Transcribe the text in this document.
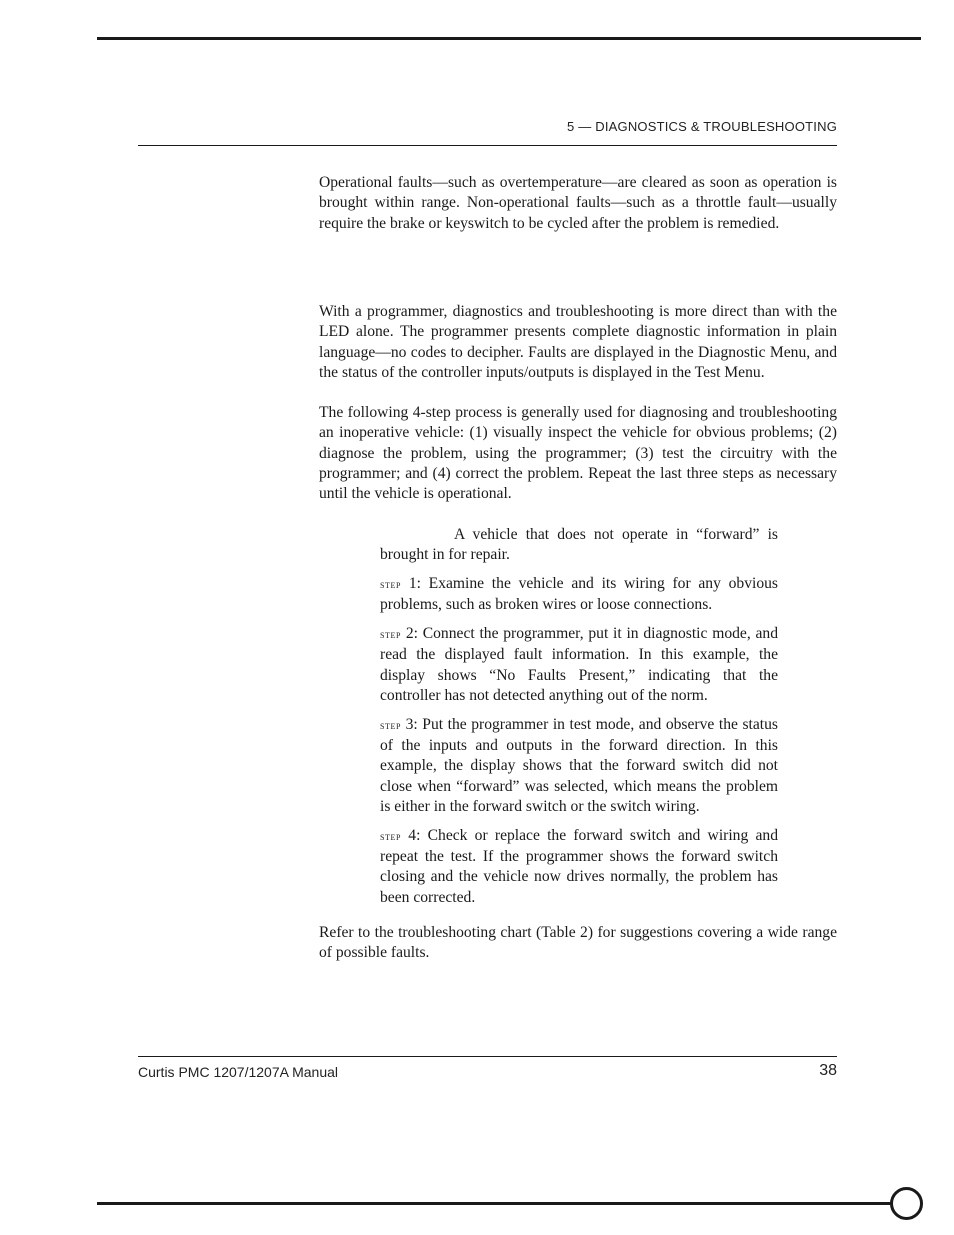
5 — DIAGNOSTICS & TROUBLESHOOTING

Operational faults—such as overtemperature—are cleared as soon as operation is brought within range. Non-operational faults—such as a throttle fault—usually require the brake or keyswitch to be cycled after the problem is remedied.

With a programmer, diagnostics and troubleshooting is more direct than with the LED alone. The programmer presents complete diagnostic information in plain language—no codes to decipher. Faults are displayed in the Diagnostic Menu, and the status of the controller inputs/outputs is displayed in the Test Menu.

The following 4-step process is generally used for diagnosing and troubleshooting an inoperative vehicle: (1) visually inspect the vehicle for obvious problems; (2) diagnose the problem, using the programmer; (3) test the circuitry with the programmer; and (4) correct the problem. Repeat the last three steps as necessary until the vehicle is operational.

A vehicle that does not operate in “forward” is brought in for repair.

step 1: Examine the vehicle and its wiring for any obvious problems, such as broken wires or loose connections.

step 2: Connect the programmer, put it in diagnostic mode, and read the displayed fault information. In this example, the display shows “No Faults Present,” indicating that the controller has not detected anything out of the norm.

step 3: Put the programmer in test mode, and observe the status of the inputs and outputs in the forward direction. In this example, the display shows that the forward switch did not close when “forward” was selected, which means the problem is either in the forward switch or the switch wiring.

step 4: Check or replace the forward switch and wiring and repeat the test. If the programmer shows the forward switch closing and the vehicle now drives normally, the problem has been corrected.

Refer to the troubleshooting chart (Table 2) for suggestions covering a wide range of possible faults.

Curtis PMC 1207/1207A Manual	38
